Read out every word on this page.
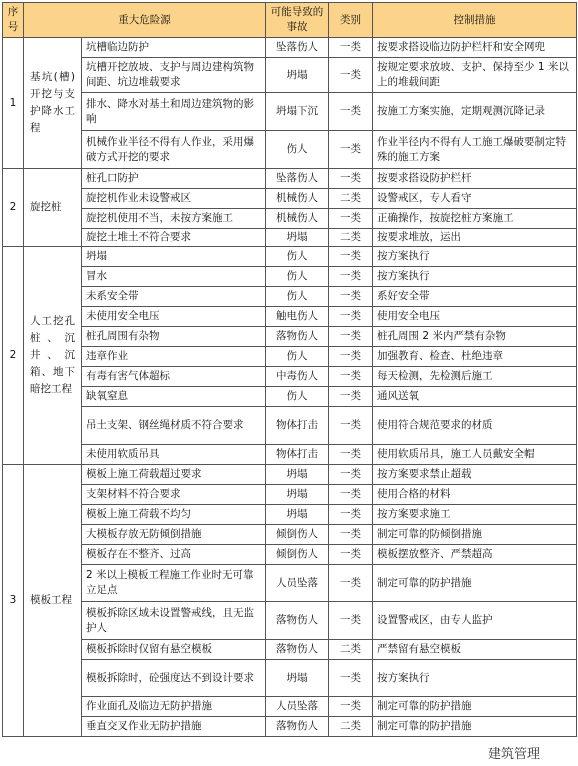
序号	重大危险源		可能导致的事故	类别	控制措施
1	基坑(槽)开挖与支护降水工程	坑槽临边防护	坠落伤人	一类	按要求搭设临边防护栏杆和安全网兜
		坑槽开挖放坡、支护与周边建构筑物间距、坑边堆载要求	坍塌	一类	按规定要求放坡、支护、保持至少 1 米以上的堆载间距
		排水、降水对基土和周边建筑物的影响	坍塌下沉	一类	按施工方案实施，定期观测沉降记录
		机械作业半径不得有人作业，采用爆破方式开挖的要求	伤人	一类	作业半径内不得有人工施工爆破要制定特殊的施工方案
2	旋挖桩	桩孔口防护	坠落伤人	一类	按要求搭设防护栏杆
		旋挖机作业未设警戒区	机械伤人	二类	设警戒区，专人看守
		旋挖机使用不当，未按方案施工	机械伤人	一类	正确操作，按旋挖桩方案施工
		旋挖土堆土不符合要求	坍塌	二类	按要求堆放，运出
2	人工挖孔桩、沉井、沉箱、地下暗挖工程	坍塌	伤人	一类	按方案执行
		冒水	伤人	一类	按方案执行
		未系安全带	伤人	一类	系好安全带
		未使用安全电压	触电伤人	一类	使用安全电压
		桩孔周围有杂物	落物伤人	一类	桩孔周围 2 米内严禁有杂物
		违章作业	伤人	一类	加强教育、检查、杜绝违章
		有毒有害气体超标	中毒伤人	一类	每天检测，先检测后施工
		缺氧窒息	伤人	一类	通风送氧
		吊土支架、钢丝绳材质不符合要求	物体打击	一类	使用符合规范要求的材质
		未使用软质吊具	物体打击	一类	使用软质吊具，施工人员戴安全帽
3	模板工程	模板上施工荷载超过要求	坍塌	一类	按方案要求禁止超载
		支架材料不符合要求	坍塌	一类	使用合格的材料
		模板上施工荷载不均匀	坍塌	一类	按方案要求施工
		大模板存放无防倾倒措施	倾倒伤人	一类	制定可靠的防倾倒措施
		模板存在不整齐、过高	倾倒伤人	一类	模板摆放整齐、严禁超高
		2 米以上模板工程施工作业时无可靠立足点	人员坠落	一类	制定可靠的防护措施
		模板拆除区域未设置警戒线，且无监护人	落物伤人	一类	设置警戒区，由专人监护
		模板拆除时仅留有悬空模板	落物伤人	二类	严禁留有悬空模板
		模板拆除时，砼强度达不到设计要求	坍塌	一类	按方案执行
		作业面孔及临边无防护措施	人员坠落	一类	制定可靠的防护措施
		垂直交叉作业无防护措施	落物伤人	二类	制定可靠的防护措施
建筑管理
